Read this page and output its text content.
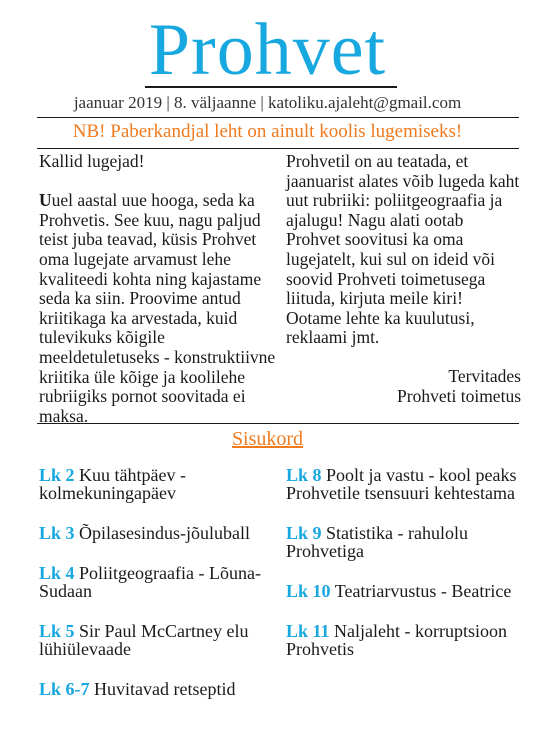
Prohvet
jaanuar 2019 | 8. väljaanne | katoliku.ajaleht@gmail.com
NB! Paberkandjal leht on ainult koolis lugemiseks!

Kallid lugejad!

Uuel aastal uue hooga, seda ka Prohvetis. See kuu, nagu paljud teist juba teavad, küsis Prohvet oma lugejate arvamust lehe kvaliteedi kohta ning kajastame seda ka siin. Proovime antud kriitikaga ka arvestada, kuid tulevikuks kõigile meeldetuletuseks - konstruktiivne kriitika üle kõige ja koolilehe rubriigiks pornot soovitada ei maksa.

Prohvetil on au teatada, et jaanuarist alates võib lugeda kaht uut rubriiki: poliitgeograafia ja ajalugu! Nagu alati ootab Prohvet soovitusi ka oma lugejatelt, kui sul on ideid või soovid Prohveti toimetusega liituda, kirjuta meile kiri! Ootame lehte ka kuulutusi, reklaami jmt.

Tervitades

Prohveti toimetus

Sisukord
Lk 2 Kuu tähtpäev - kolmekuningapäev
Lk 3 Õpilasesindus-jõuluball
Lk 4 Poliitgeograafia - Lõuna-Sudaan
Lk 5 Sir Paul McCartney elu lühiülevaade
Lk 6-7 Huvitavad retseptid
Lk 8 Poolt ja vastu - kool peaks Prohvetile tsensuuri kehtestama
Lk 9 Statistika - rahulolu Prohvetiga
Lk 10 Teatriarvustus - Beatrice
Lk 11 Naljaleht - korruptsioon Prohvetis
